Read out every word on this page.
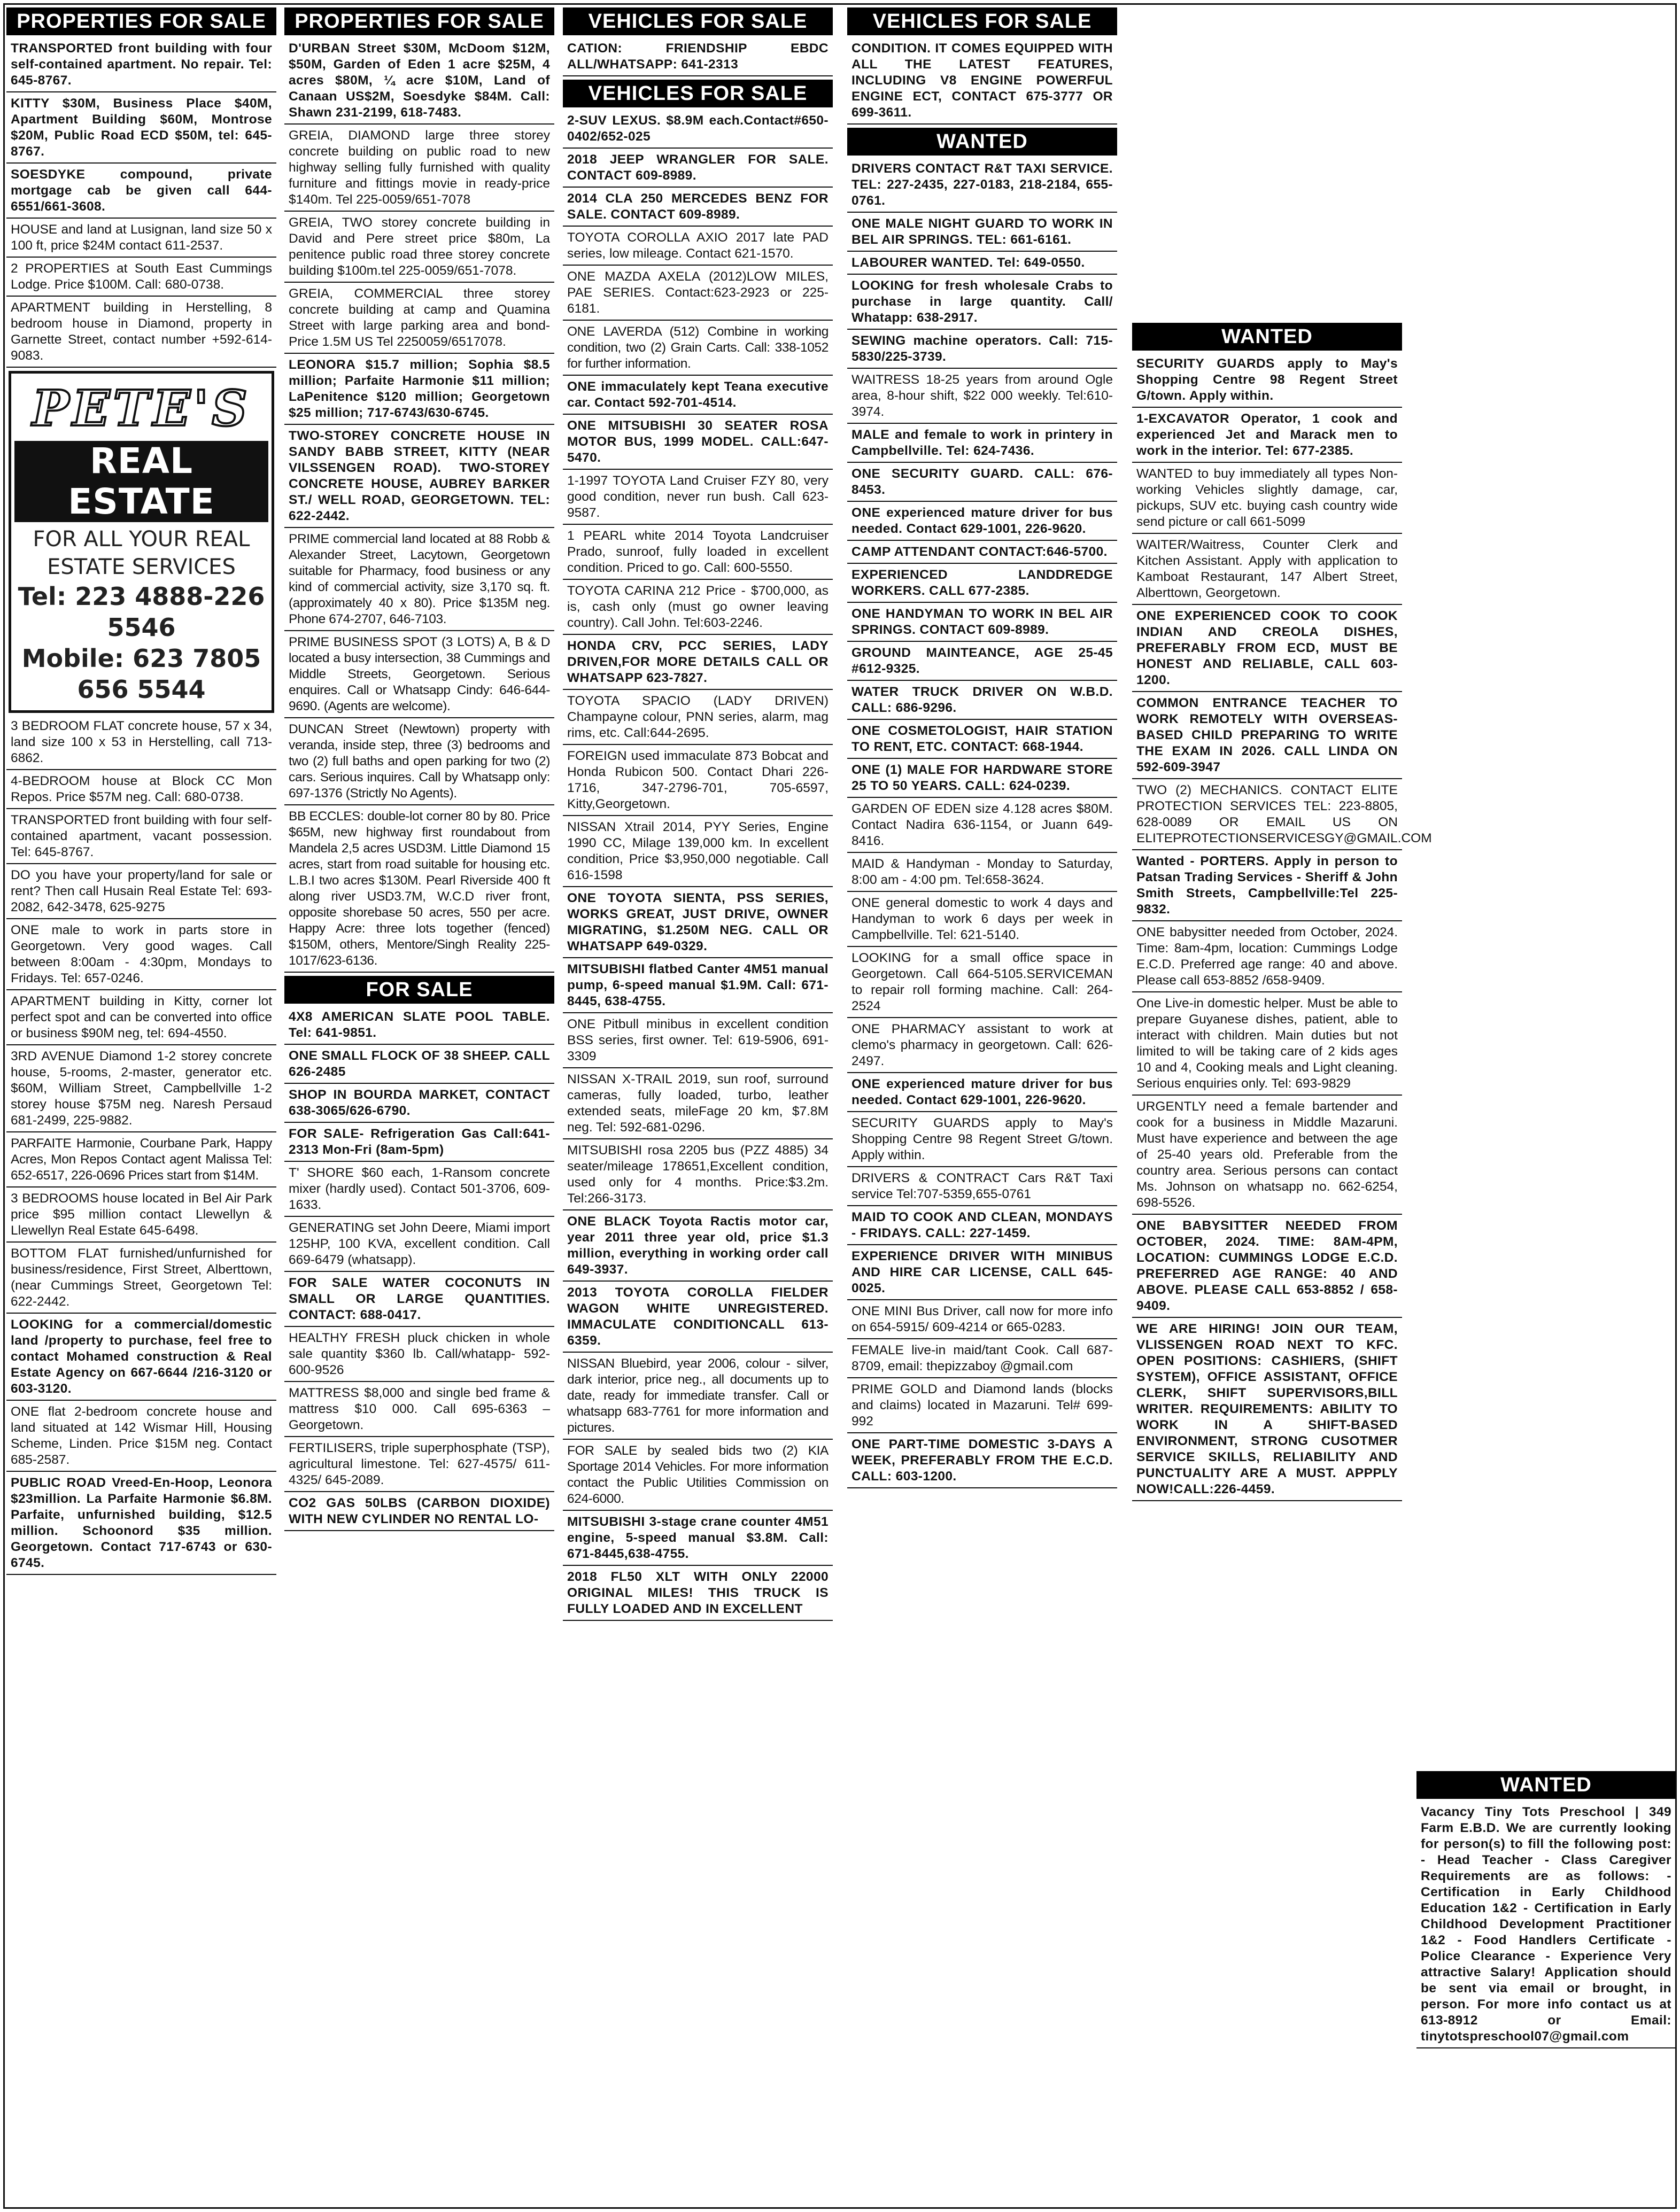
PROPERTIES FOR SALE
TRANSPORTED front building with four self-contained apartment. No repair. Tel: 645-8767.
KITTY $30M, Business Place $40M, Apartment Building $60M, Montrose $20M, Public Road ECD $50M, tel: 645-8767.
SOESDYKE compound, private mortgage cab be given call 644-6551/661-3608.
HOUSE and land at Lusignan, land size 50 x 100 ft, price $24M contact 611-2537.
2 PROPERTIES at South East Cummings Lodge. Price $100M. Call: 680-0738.
APARTMENT building in Herstelling, 8 bedroom house in Diamond, property in Garnette Street, contact number +592-614-9083.
PETE'S
REAL ESTATE
FOR ALL YOUR REAL ESTATE SERVICES
Tel: 223 4888-226 5546
Mobile: 623 7805 656 5544
3 BEDROOM FLAT concrete house, 57 x 34, land size 100 x 53 in Herstelling, call 713-6862.
4-BEDROOM house at Block CC Mon Repos. Price $57M neg. Call: 680-0738.
TRANSPORTED front building with four self-contained apartment, vacant possession. Tel: 645-8767.
DO you have your property/land for sale or rent? Then call Husain Real Estate Tel: 693-2082, 642-3478, 625-9275
ONE male to work in parts store in Georgetown. Very good wages. Call between 8:00am - 4:30pm, Mondays to Fridays. Tel: 657-0246.
APARTMENT building in Kitty, corner lot perfect spot and can be converted into office or business $90M neg, tel: 694-4550.
3RD AVENUE Diamond 1-2 storey concrete house, 5-rooms, 2-master, generator etc. $60M, William Street, Campbellville 1-2 storey house $75M neg. Naresh Persaud 681-2499, 225-9882.
PARFAITE Harmonie, Courbane Park, Happy Acres, Mon Repos Contact agent Malissa Tel: 652-6517, 226-0696 Prices start from $14M.
3 BEDROOMS house located in Bel Air Park price $95 million contact Llewellyn & Llewellyn Real Estate 645-6498.
BOTTOM FLAT furnished/unfurnished for business/residence, First Street, Alberttown, (near Cummings Street, Georgetown Tel: 622-2442.
LOOKING for a commercial/domestic land /property to purchase, feel free to contact Mohamed construction & Real Estate Agency on 667-6644 /216-3120 or 603-3120.
ONE flat 2-bedroom concrete house and land situated at 142 Wismar Hill, Housing Scheme, Linden. Price $15M neg. Contact 685-2587.
PUBLIC ROAD Vreed-En-Hoop, Leonora $23million. La Parfaite Harmonie $6.8M. Parfaite, unfurnished building, $12.5 million. Schoonord $35 million. Georgetown. Contact 717-6743 or 630-6745.
PROPERTIES FOR SALE
D'URBAN Street $30M, McDoom $12M, $50M, Garden of Eden 1 acre $25M, 4 acres $80M, ¼ acre $10M, Land of Canaan US$2M, Soesdyke $84M. Call: Shawn 231-2199, 618-7483.
GREIA, DIAMOND large three storey concrete building on public road to new highway selling fully furnished with quality furniture and fittings movie in ready-price $140m. Tel 225-0059/651-7078
GREIA, TWO storey concrete building in David and Pere street price $80m, La penitence public road three storey concrete building $100m.tel 225-0059/651-7078.
GREIA, COMMERCIAL three storey concrete building at camp and Quamina Street with large parking area and bond-Price 1.5M US Tel 2250059/6517078.
LEONORA $15.7 million; Sophia $8.5 million; Parfaite Harmonie $11 million; LaPenitence $120 million; Georgetown $25 million; 717-6743/630-6745.
TWO-STOREY CONCRETE HOUSE IN SANDY BABB STREET, KITTY (NEAR VILSSENGEN ROAD). TWO-STOREY CONCRETE HOUSE, AUBREY BARKER ST./ WELL ROAD, GEORGETOWN. TEL: 622-2442.
PRIME commercial land located at 88 Robb & Alexander Street, Lacytown, Georgetown suitable for Pharmacy, food business or any kind of commercial activity, size 3,170 sq. ft. (approximately 40 x 80). Price $135M neg. Phone 674-2707, 646-7103.
PRIME BUSINESS SPOT (3 LOTS) A, B & D located a busy intersection, 38 Cummings and Middle Streets, Georgetown. Serious enquires. Call or Whatsapp Cindy: 646-644-9690. (Agents are welcome).
DUNCAN Street (Newtown) property with veranda, inside step, three (3) bedrooms and two (2) full baths and open parking for two (2) cars. Serious inquires. Call by Whatsapp only: 697-1376 (Strictly No Agents).
BB ECCLES: double-lot corner 80 by 80. Price $65M, new highway first roundabout from Mandela 2,5 acres USD3M. Little Diamond 15 acres, start from road suitable for housing etc. L.B.I two acres $130M. Pearl Riverside 400 ft along river USD3.7M, W.C.D river front, opposite shorebase 50 acres, 550 per acre. Happy Acre: three lots together (fenced) $150M, others, Mentore/Singh Reality 225-1017/623-6136.
FOR SALE
4X8 AMERICAN SLATE POOL TABLE. Tel: 641-9851.
ONE SMALL FLOCK OF 38 SHEEP. CALL 626-2485
SHOP IN BOURDA MARKET, CONTACT 638-3065/626-6790.
FOR SALE- Refrigeration Gas Call:641-2313 Mon-Fri (8am-5pm)
T' SHORE $60 each, 1-Ransom concrete mixer (hardly used). Contact 501-3706, 609-1633.
GENERATING set John Deere, Miami import 125HP, 100 KVA, excellent condition. Call 669-6479 (whatsapp).
FOR SALE WATER COCONUTS IN SMALL OR LARGE QUANTITIES. CONTACT: 688-0417.
HEALTHY FRESH pluck chicken in whole sale quantity $360 lb. Call/whatapp- 592-600-9526
MATTRESS $8,000 and single bed frame & mattress $10 000. Call 695-6363 – Georgetown.
FERTILISERS, triple superphosphate (TSP), agricultural limestone. Tel: 627-4575/ 611-4325/ 645-2089.
CO2 GAS 50LBS (CARBON DIOXIDE) WITH NEW CYLINDER NO RENTAL LO-
VEHICLES FOR SALE
CATION: FRIENDSHIP EBDC ALL/WHATSAPP: 641-2313
VEHICLES FOR SALE
2-SUV LEXUS. $8.9M each.Contact#650-0402/652-025
2018 JEEP WRANGLER FOR SALE. CONTACT 609-8989.
2014 CLA 250 MERCEDES BENZ FOR SALE. CONTACT 609-8989.
TOYOTA COROLLA AXIO 2017 late PAD series, low mileage. Contact 621-1570.
ONE MAZDA AXELA (2012)LOW MILES, PAE SERIES. Contact:623-2923 or 225-6181.
ONE LAVERDA (512) Combine in working condition, two (2) Grain Carts. Call: 338-1052 for further information.
ONE immaculately kept Teana executive car. Contact 592-701-4514.
ONE MITSUBISHI 30 SEATER ROSA MOTOR BUS, 1999 MODEL. CALL:647-5470.
1-1997 TOYOTA Land Cruiser FZY 80, very good condition, never run bush. Call 623-9587.
1 PEARL white 2014 Toyota Landcruiser Prado, sunroof, fully loaded in excellent condition. Priced to go. Call: 600-5550.
TOYOTA CARINA 212 Price - $700,000, as is, cash only (must go owner leaving country). Call John. Tel:603-2246.
HONDA CRV, PCC SERIES, LADY DRIVEN,FOR MORE DETAILS CALL OR WHATSAPP 623-7827.
TOYOTA SPACIO (LADY DRIVEN) Champayne colour, PNN series, alarm, mag rims, etc. Call:644-2695.
FOREIGN used immaculate 873 Bobcat and Honda Rubicon 500. Contact Dhari 226-1716, 347-2796-701, 705-6597, Kitty,Georgetown.
NISSAN Xtrail 2014, PYY Series, Engine 1990 CC, Milage 139,000 km. In excellent condition, Price $3,950,000 negotiable. Call 616-1598
ONE TOYOTA SIENTA, PSS SERIES, WORKS GREAT, JUST DRIVE, OWNER MIGRATING, $1.250M NEG. CALL OR WHATSAPP 649-0329.
MITSUBISHI flatbed Canter 4M51 manual pump, 6-speed manual $1.9M. Call: 671-8445, 638-4755.
ONE Pitbull minibus in excellent condition BSS series, first owner. Tel: 619-5906, 691-3309
NISSAN X-TRAIL 2019, sun roof, surround cameras, fully loaded, turbo, leather extended seats, mileFage 20 km, $7.8M neg. Tel: 592-681-0296.
MITSUBISHI rosa 2205 bus (PZZ 4885) 34 seater/mileage 178651,Excellent condition, used only for 4 months. Price:$3.2m. Tel:266-3173.
ONE BLACK Toyota Ractis motor car, year 2011 three year old, price $1.3 million, everything in working order call 649-3937.
2013 TOYOTA COROLLA FIELDER WAGON WHITE UNREGISTERED. IMMACULATE CONDITIONCALL 613-6359.
NISSAN Bluebird, year 2006, colour - silver, dark interior, price neg., all documents up to date, ready for immediate transfer. Call or whatsapp 683-7761 for more information and pictures.
FOR SALE by sealed bids two (2) KIA Sportage 2014 Vehicles. For more information contact the Public Utilities Commission on 624-6000.
MITSUBISHI 3-stage crane counter 4M51 engine, 5-speed manual $3.8M. Call: 671-8445,638-4755.
2018 FL50 XLT WITH ONLY 22000 ORIGINAL MILES! THIS TRUCK IS FULLY LOADED AND IN EXCELLENT
VEHICLES FOR SALE
CONDITION. IT COMES EQUIPPED WITH ALL THE LATEST FEATURES, INCLUDING V8 ENGINE POWERFUL ENGINE ECT, CONTACT 675-3777 OR 699-3611.
WANTED
DRIVERS CONTACT R&T TAXI SERVICE. TEL: 227-2435, 227-0183, 218-2184, 655-0761.
ONE MALE NIGHT GUARD TO WORK IN BEL AIR SPRINGS. TEL: 661-6161.
LABOURER WANTED. Tel: 649-0550.
LOOKING for fresh wholesale Crabs to purchase in large quantity. Call/ Whatapp: 638-2917.
SEWING machine operators. Call: 715-5830/225-3739.
WAITRESS 18-25 years from around Ogle area, 8-hour shift, $22 000 weekly. Tel:610-3974.
MALE and female to work in printery in Campbellville. Tel: 624-7436.
ONE SECURITY GUARD. CALL: 676-8453.
ONE experienced mature driver for bus needed. Contact 629-1001, 226-9620.
CAMP ATTENDANT CONTACT:646-5700.
EXPERIENCED LANDDREDGE WORKERS. CALL 677-2385.
ONE HANDYMAN TO WORK IN BEL AIR SPRINGS. CONTACT 609-8989.
GROUND MAINTEANCE, AGE 25-45 #612-9325.
WATER TRUCK DRIVER ON W.B.D. CALL: 686-9296.
ONE COSMETOLOGIST, HAIR STATION TO RENT, ETC. CONTACT: 668-1944.
ONE (1) MALE FOR HARDWARE STORE 25 TO 50 YEARS. CALL: 624-0239.
GARDEN OF EDEN size 4.128 acres $80M. Contact Nadira 636-1154, or Juann 649-8416.
MAID & Handyman - Monday to Saturday, 8:00 am - 4:00 pm. Tel:658-3624.
ONE general domestic to work 4 days and Handyman to work 6 days per week in Campbellville. Tel: 621-5140.
LOOKING for a small office space in Georgetown. Call 664-5105.SERVICEMAN to repair roll forming machine. Call: 264-2524
ONE PHARMACY assistant to work at clemo's pharmacy in georgetown. Call: 626-2497.
ONE experienced mature driver for bus needed. Contact 629-1001, 226-9620.
SECURITY GUARDS apply to May's Shopping Centre 98 Regent Street G/town. Apply within.
DRIVERS & CONTRACT Cars R&T Taxi service Tel:707-5359,655-0761
MAID TO COOK AND CLEAN, MONDAYS - FRIDAYS. CALL: 227-1459.
EXPERIENCE DRIVER WITH MINIBUS AND HIRE CAR LICENSE, CALL 645-0025.
ONE MINI Bus Driver, call now for more info on 654-5915/ 609-4214 or 665-0283.
FEMALE live-in maid/tant Cook. Call 687-8709, email: thepizzaboy @gmail.com
PRIME GOLD and Diamond lands (blocks and claims) located in Mazaruni. Tel# 699-992
ONE PART-TIME DOMESTIC 3-DAYS A WEEK, PREFERABLY FROM THE E.C.D. CALL: 603-1200.
WANTED
SECURITY GUARDS apply to May's Shopping Centre 98 Regent Street G/town. Apply within.
1-EXCAVATOR Operator, 1 cook and experienced Jet and Marack men to work in the interior. Tel: 677-2385.
WANTED to buy immediately all types Non-working Vehicles slightly damage, car, pickups, SUV etc. buying cash country wide send picture or call 661-5099
WAITER/Waitress, Counter Clerk and Kitchen Assistant. Apply with application to Kamboat Restaurant, 147 Albert Street, Alberttown, Georgetown.
ONE EXPERIENCED COOK TO COOK INDIAN AND CREOLA DISHES, PREFERABLY FROM ECD, MUST BE HONEST AND RELIABLE, CALL 603-1200.
COMMON ENTRANCE TEACHER TO WORK REMOTELY WITH OVERSEAS-BASED CHILD PREPARING TO WRITE THE EXAM IN 2026. CALL LINDA ON 592-609-3947
TWO (2) MECHANICS. CONTACT ELITE PROTECTION SERVICES TEL: 223-8805, 628-0089 OR EMAIL US ON ELITEPROTECTIONSERVICESGY@GMAIL.COM
Wanted - PORTERS. Apply in person to Patsan Trading Services - Sheriff & John Smith Streets, Campbellville:Tel 225-9832.
ONE babysitter needed from October, 2024. Time: 8am-4pm, location: Cummings Lodge E.C.D. Preferred age range: 40 and above. Please call 653-8852 /658-9409.
One Live-in domestic helper. Must be able to prepare Guyanese dishes, patient, able to interact with children. Main duties but not limited to will be taking care of 2 kids ages 10 and 4, Cooking meals and Light cleaning. Serious enquiries only. Tel: 693-9829
URGENTLY need a female bartender and cook for a business in Middle Mazaruni. Must have experience and between the age of 25-40 years old. Preferable from the country area. Serious persons can contact Ms. Johnson on whatsapp no. 662-6254, 698-5526.
ONE BABYSITTER NEEDED FROM OCTOBER, 2024. TIME: 8AM-4PM, LOCATION: CUMMINGS LODGE E.C.D. PREFERRED AGE RANGE: 40 AND ABOVE. PLEASE CALL 653-8852 / 658-9409.
WE ARE HIRING! JOIN OUR TEAM, VLISSENGEN ROAD NEXT TO KFC. OPEN POSITIONS: CASHIERS, (SHIFT SYSTEM), OFFICE ASSISTANT, OFFICE CLERK, SHIFT SUPERVISORS,BILL WRITER. REQUIREMENTS: ABILITY TO WORK IN A SHIFT-BASED ENVIRONMENT, STRONG CUSOTMER SERVICE SKILLS, RELIABILITY AND PUNCTUALITY ARE A MUST. APPPLY NOW!CALL:226-4459.
WANTED
Vacancy Tiny Tots Preschool | 349 Farm E.B.D. We are currently looking for person(s) to fill the following post: - Head Teacher - Class Caregiver Requirements are as follows: - Certification in Early Childhood Education 1&2 - Certification in Early Childhood Development Practitioner 1&2 - Food Handlers Certificate - Police Clearance - Experience Very attractive Salary! Application should be sent via email or brought, in person. For more info contact us at 613-8912 or Email: tinytotspreschool07@gmail.com
